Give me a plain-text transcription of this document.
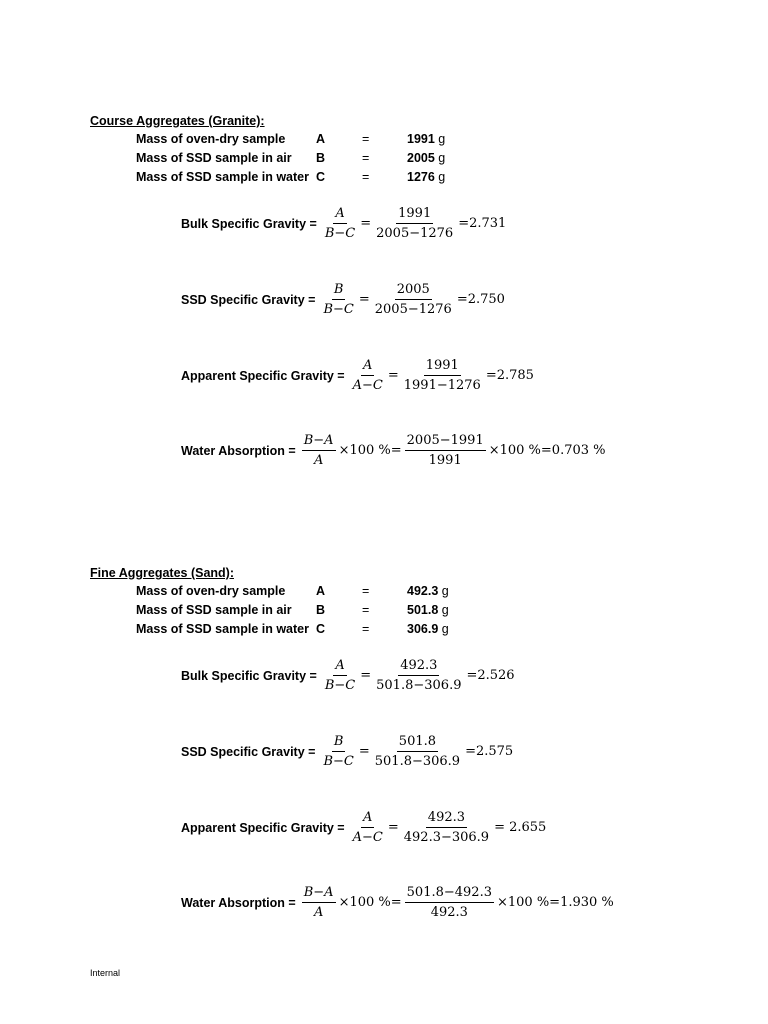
Course Aggregates (Granite):
Mass of oven-dry sample A	=	1991 g
Mass of SSD sample in air B	=	2005 g
Mass of SSD sample in water C	=	1276 g
Bulk Specific Gravity = $\frac{A}{B-C} = \frac{1991}{2005-1276} =2.731$
SSD Specific Gravity = $\frac{B}{B-C} = \frac{2005}{2005-1276} =2.750$
Apparent Specific Gravity = $\frac{A}{A-C} = \frac{1991}{1991-1276} =2.785$
Water Absorption = $\frac{B-A}{A} \times 100$ %= $\frac{2005-1991}{1991} \times 100$ %=0.703 %
Fine Aggregates (Sand):
Mass of oven-dry sample A	=	492.3 g
Mass of SSD sample in air B	=	501.8 g
Mass of SSD sample in water C	=	306.9 g
Bulk Specific Gravity = $\frac{A}{B-C} = \frac{492.3}{501.8-306.9} =2.526$
SSD Specific Gravity = $\frac{B}{B-C} = \frac{501.8}{501.8-306.9} =2.575$
Apparent Specific Gravity = $\frac{A}{A-C} = \frac{492.3}{492.3-306.9} = 2.655$
Water Absorption = $\frac{B-A}{A} \times 100$ %= $\frac{501.8-492.3}{492.3} \times 100$ %=1.930 %
Internal
